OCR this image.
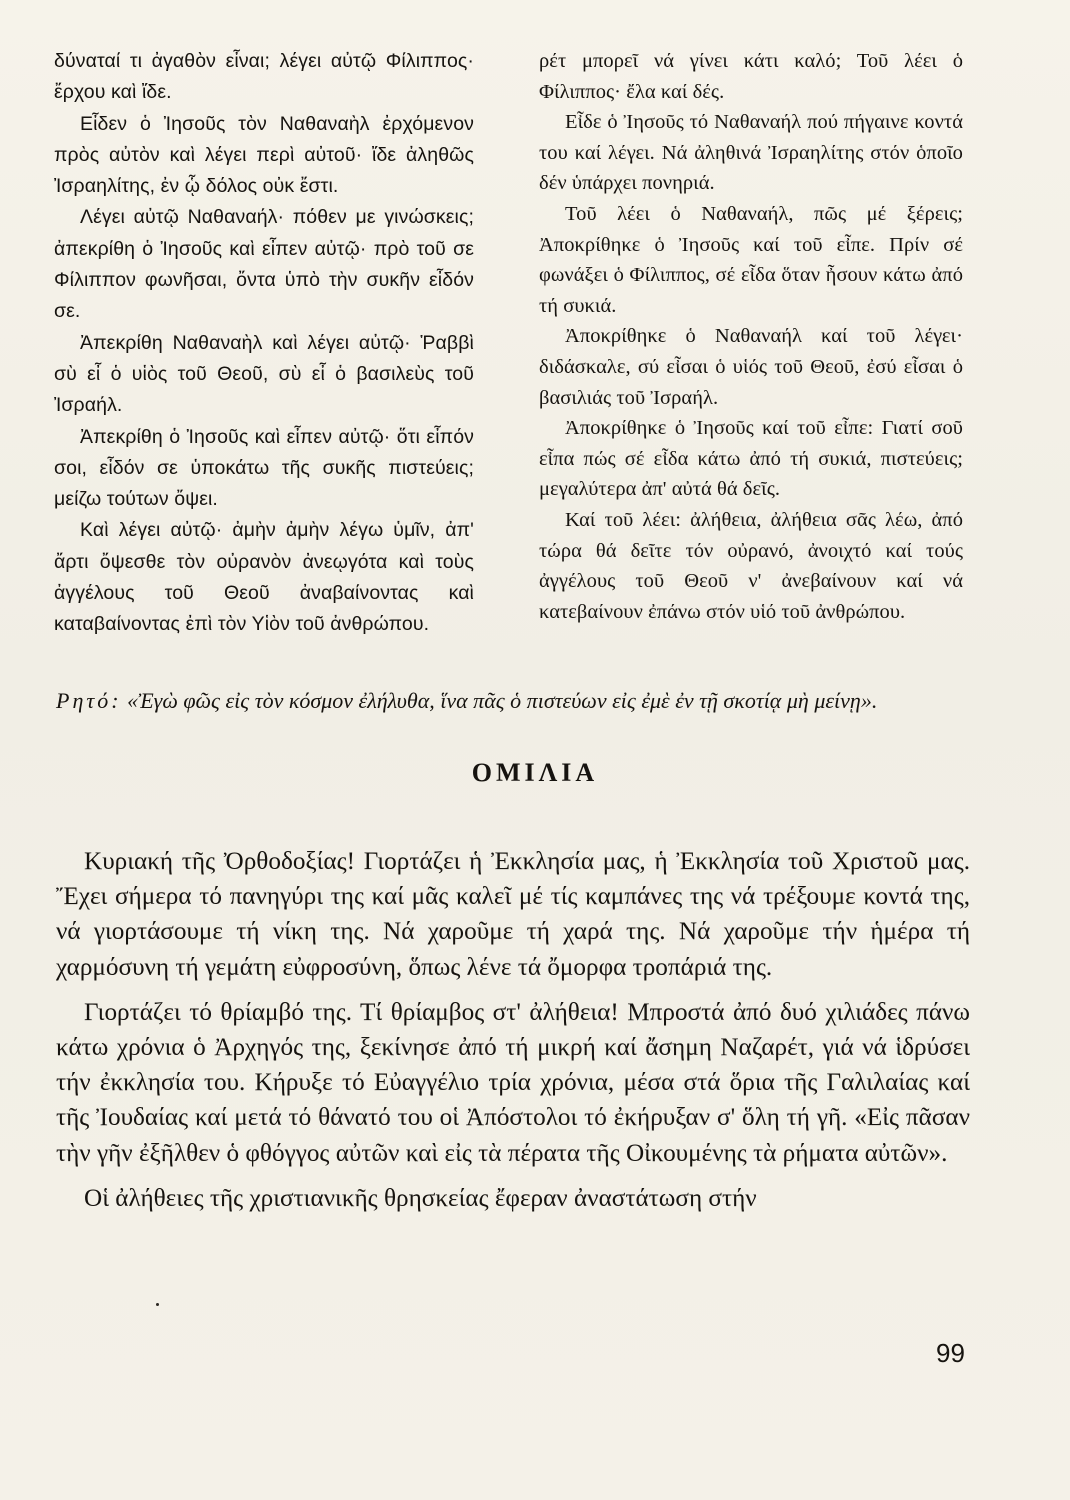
δύναταί τι ἀγαθὸν εἶναι; λέγει αὐτῷ Φίλιππος· ἔρχου καὶ ἴδε.

Εἶδεν ὁ Ἰησοῦς τὸν Ναθαναὴλ ἐρχόμενον πρὸς αὐτὸν καὶ λέγει περὶ αὐτοῦ· ἴδε ἀληθῶς Ἰσραηλίτης, ἐν ᾧ δόλος οὐκ ἔστι.

Λέγει αὐτῷ Ναθαναήλ· πόθεν με γινώσκεις; ἀπεκρίθη ὁ Ἰησοῦς καὶ εἶπεν αὐτῷ· πρὸ τοῦ σε Φίλιππον φωνῆσαι, ὄντα ὑπὸ τὴν συκῆν εἶδόν σε.

Ἀπεκρίθη Ναθαναὴλ καὶ λέγει αὐτῷ· Ῥαββὶ σὺ εἶ ὁ υἱὸς τοῦ Θεοῦ, σὺ εἶ ὁ βασιλεὺς τοῦ Ἰσραήλ.

Ἀπεκρίθη ὁ Ἰησοῦς καὶ εἶπεν αὐτῷ· ὅτι εἶπόν σοι, εἶδόν σε ὑποκάτω τῆς συκῆς πιστεύεις; μείζω τούτων ὄψει.

Καὶ λέγει αὐτῷ· ἀμὴν ἀμὴν λέγω ὑμῖν, ἀπ' ἄρτι ὄψεσθε τὸν οὐρανὸν ἀνεῳγότα καὶ τοὺς ἀγγέλους τοῦ Θεοῦ ἀναβαίνοντας καὶ καταβαίνοντας ἐπὶ τὸν Υἱὸν τοῦ ἀνθρώπου.

ρέτ μπορεῖ νά γίνει κάτι καλό; Τοῦ λέει ὁ Φίλιππος· ἔλα καί δές.

Εἶδε ὁ Ἰησοῦς τό Ναθαναήλ πού πήγαινε κοντά του καί λέγει. Νά ἀληθινά Ἰσραηλίτης στόν ὁποῖο δέν ὑπάρχει πονηριά.

Τοῦ λέει ὁ Ναθαναήλ, πῶς μέ ξέρεις; Ἀποκρίθηκε ὁ Ἰησοῦς καί τοῦ εἶπε. Πρίν σέ φωνάξει ὁ Φίλιππος, σέ εἶδα ὅταν ἦσουν κάτω ἀπό τή συκιά.

Ἀποκρίθηκε ὁ Ναθαναήλ καί τοῦ λέγει· διδάσκαλε, σύ εἶσαι ὁ υἱός τοῦ Θεοῦ, ἐσύ εἶσαι ὁ βασιλιάς τοῦ Ἰσραήλ.

Ἀποκρίθηκε ὁ Ἰησοῦς καί τοῦ εἶπε: Γιατί σοῦ εἶπα πώς σέ εἶδα κάτω ἀπό τή συκιά, πιστεύεις; μεγαλύτερα ἀπ' αὐτά θά δεῖς.

Καί τοῦ λέει: ἀλήθεια, ἀλήθεια σᾶς λέω, ἀπό τώρα θά δεῖτε τόν οὐρανό, ἀνοιχτό καί τούς ἀγγέλους τοῦ Θεοῦ ν' ἀνεβαίνουν καί νά κατεβαίνουν ἐπάνω στόν υἱό τοῦ ἀνθρώπου.

Ρητό: «Ἐγὼ φῶς εἰς τὸν κόσμον ἐλήλυθα, ἵνα πᾶς ὁ πιστεύων εἰς ἐμὲ ἐν τῇ σκοτίᾳ μὴ μείνῃ».

ΟΜΙΛΙΑ

Κυριακή τῆς Ὀρθοδοξίας! Γιορτάζει ἡ Ἐκκλησία μας, ἡ Ἐκκλησία τοῦ Χριστοῦ μας. Ἔχει σήμερα τό πανηγύρι της καί μᾶς καλεῖ μέ τίς καμπάνες της νά τρέξουμε κοντά της, νά γιορτάσουμε τή νίκη της. Νά χαροῦμε τή χαρά της. Νά χαροῦμε τήν ἡμέρα τή χαρμόσυνη τή γεμάτη εὐφροσύνη, ὅπως λένε τά ὄμορφα τροπάριά της.

Γιορτάζει τό θρίαμβό της. Τί θρίαμβος στ' ἀλήθεια! Μπροστά ἀπό δυό χιλιάδες πάνω κάτω χρόνια ὁ Ἀρχηγός της, ξεκίνησε ἀπό τή μικρή καί ἄσημη Ναζαρέτ, γιά νά ἱδρύσει τήν ἐκκλησία του. Κήρυξε τό Εὐαγγέλιο τρία χρόνια, μέσα στά ὅρια τῆς Γαλιλαίας καί τῆς Ἰουδαίας καί μετά τό θάνατό του οἱ Ἀπόστολοι τό ἐκήρυξαν σ' ὅλη τή γῆ. «Εἰς πᾶσαν τὴν γῆν ἐξῆλθεν ὁ φθόγγος αὐτῶν καὶ εἰς τὰ πέρατα τῆς Οἰκουμένης τὰ ρήματα αὐτῶν».

Οἱ ἀλήθειες τῆς χριστιανικῆς θρησκείας ἔφεραν ἀναστάτωση στήν

99
